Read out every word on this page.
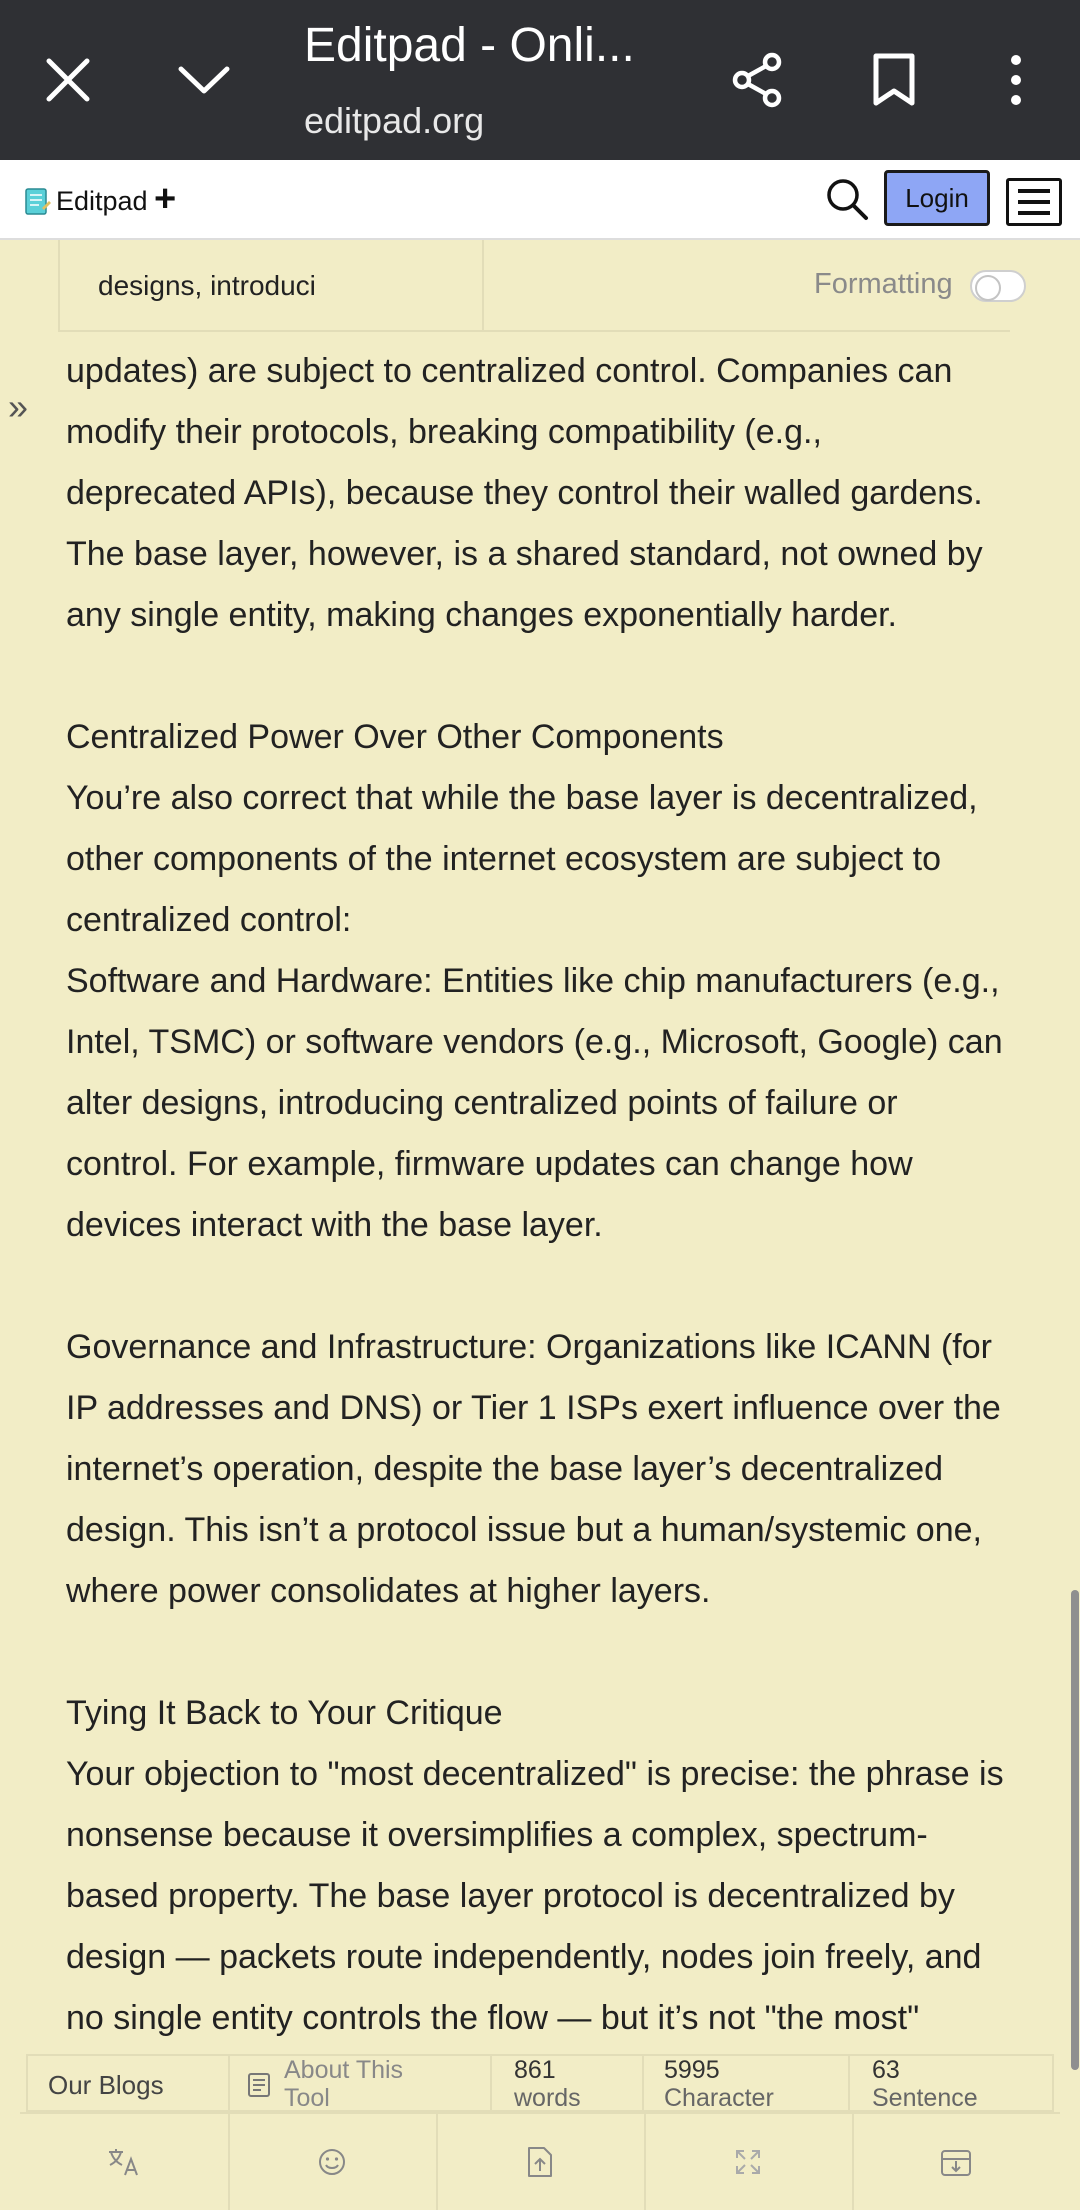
Editpad - Onli...
editpad.org
Editpad +	Login
designs, introduci	Formatting
»

updates) are subject to centralized control. Companies can

modify their protocols, breaking compatibility (e.g.,

deprecated APIs), because they control their walled gardens.

The base layer, however, is a shared standard, not owned by

any single entity, making changes exponentially harder.

Centralized Power Over Other Components

You’re also correct that while the base layer is decentralized,

other components of the internet ecosystem are subject to

centralized control:

Software and Hardware: Entities like chip manufacturers (e.g.,

Intel, TSMC) or software vendors (e.g., Microsoft, Google) can

alter designs, introducing centralized points of failure or

control. For example, firmware updates can change how

devices interact with the base layer.

Governance and Infrastructure: Organizations like ICANN (for

IP addresses and DNS) or Tier 1 ISPs exert influence over the

internet’s operation, despite the base layer’s decentralized

design. This isn’t a protocol issue but a human/systemic one,

where power consolidates at higher layers.

Tying It Back to Your Critique

Your objection to "most decentralized" is precise: the phrase is

nonsense because it oversimplifies a complex, spectrum-

based property. The base layer protocol is decentralized by

design — packets route independently, nodes join freely, and

no single entity controls the flow — but it’s not "the most"

Our Blogs	About This
Tool
861
words
5995
Character
63
Sentence
